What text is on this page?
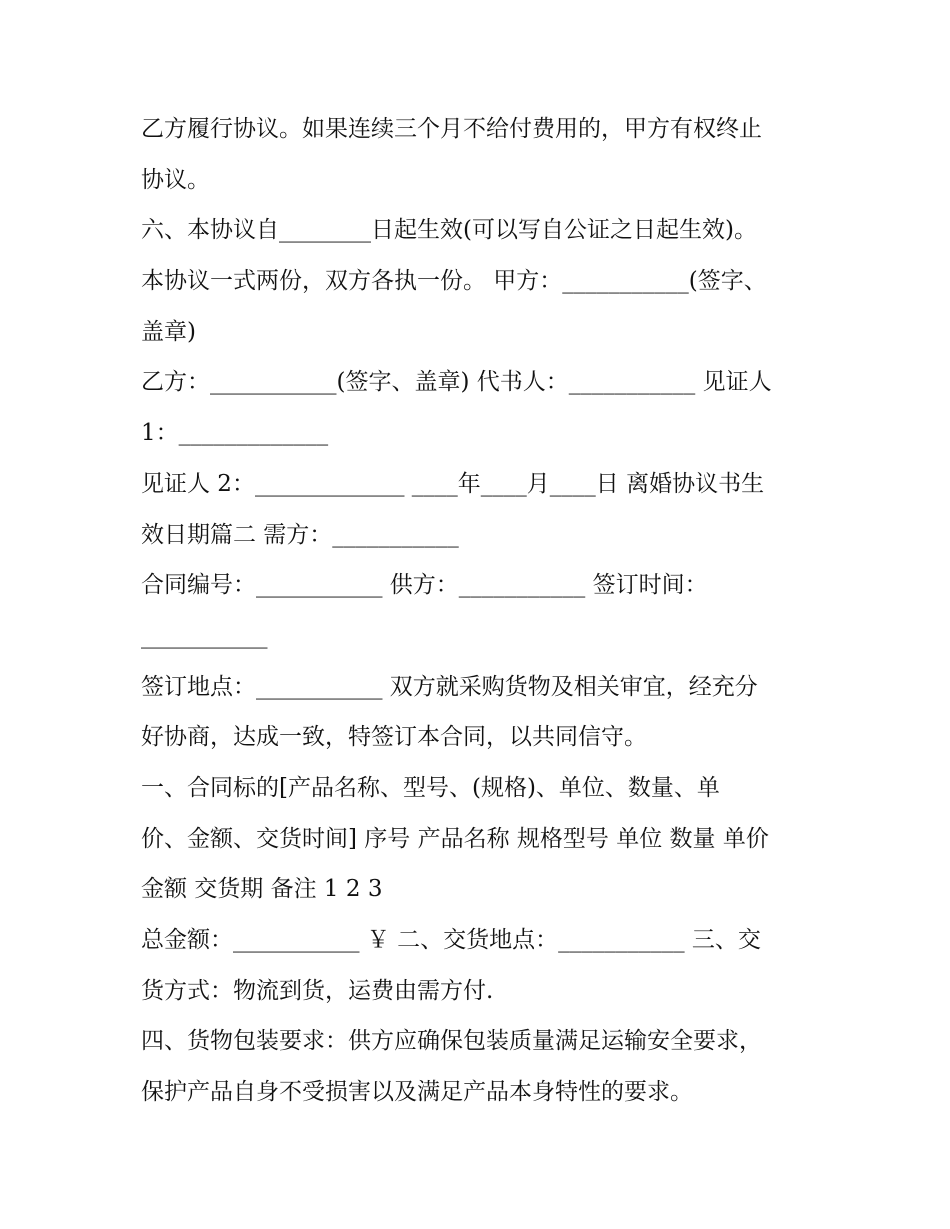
乙方履行协议。如果连续三个月不给付费用的，甲方有权终止
协议。
六、本协议自________日起生效(可以写自公证之日起生效)。
本协议一式两份，双方各执一份。 甲方：___________(签字、
盖章)
乙方：___________(签字、盖章) 代书人：___________ 见证人
1：_____________
见证人 2：_____________ ____年____月____日 离婚协议书生
效日期篇二 需方：___________
合同编号：___________ 供方：___________ 签订时间：
___________
签订地点：___________ 双方就采购货物及相关审宜，经充分
好协商，达成一致，特签订本合同，以共同信守。
一、合同标的[产品名称、型号、(规格)、单位、数量、单
价、金额、交货时间] 序号 产品名称 规格型号 单位 数量 单价
金额 交货期 备注 1 2 3
总金额：___________ ￥ 二、交货地点：___________ 三、交
货方式：物流到货，运费由需方付.
四、货物包装要求：供方应确保包装质量满足运输安全要求，
保护产品自身不受损害以及满足产品本身特性的要求。
